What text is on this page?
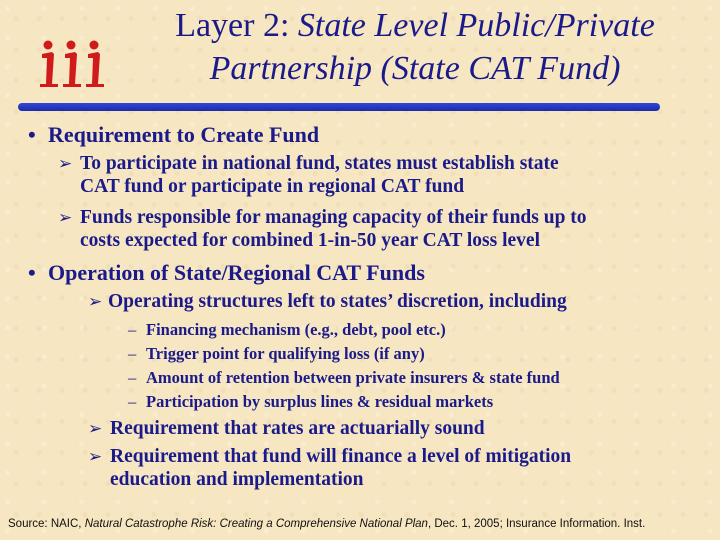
Layer 2: State Level Public/Private
Partnership (State CAT Fund)
• Requirement to Create Fund
➢ To participate in national fund, states must establish state
CAT fund or participate in regional CAT fund
➢ Funds responsible for managing capacity of their funds up to
costs expected for combined 1-in-50 year CAT loss level
• Operation of State/Regional CAT Funds
➢ Operating structures left to states’ discretion, including
– Financing mechanism (e.g., debt, pool etc.)
– Trigger point for qualifying loss (if any)
– Amount of retention between private insurers & state fund
– Participation by surplus lines & residual markets
➢ Requirement that rates are actuarially sound
➢ Requirement that fund will finance a level of mitigation
education and implementation
Source: NAIC, Natural Catastrophe Risk: Creating a Comprehensive National Plan, Dec. 1, 2005; Insurance Information. Inst.
